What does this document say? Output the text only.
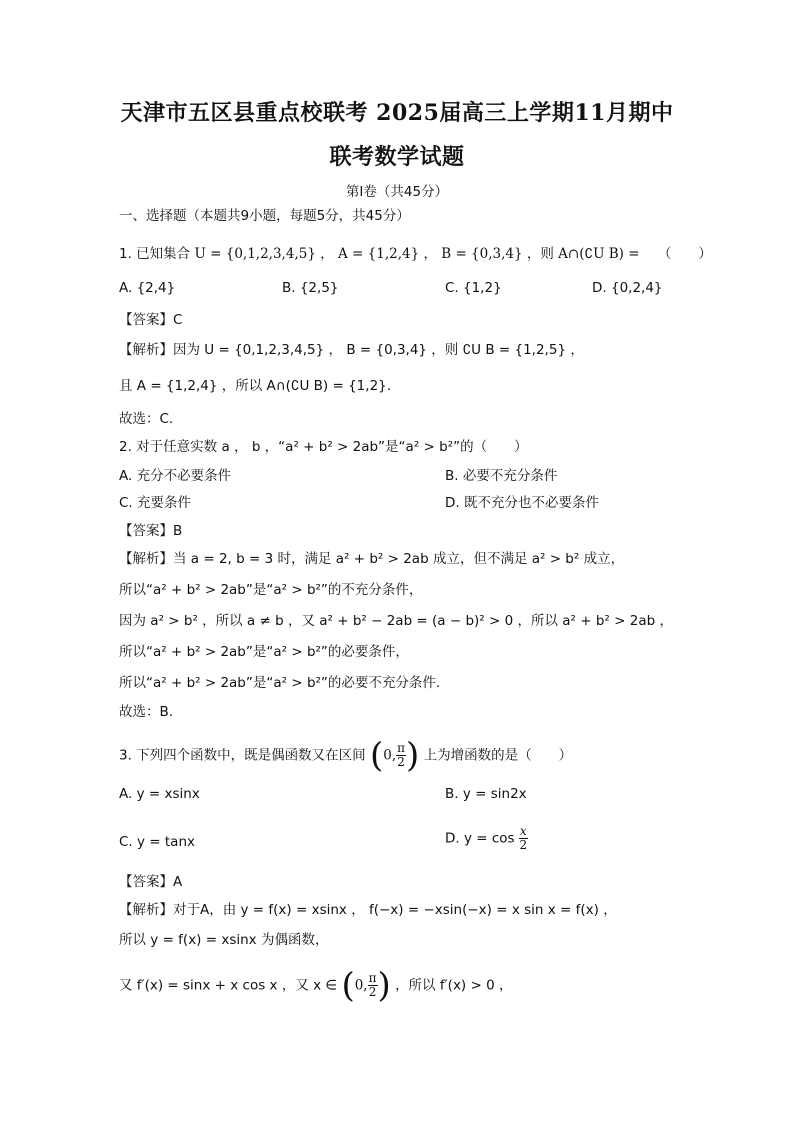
天津市五区县重点校联考 2025届高三上学期11月期中
联考数学试题
第Ⅰ卷（共45分）
一、选择题（本题共9小题，每题5分，共45分）
1. 已知集合 U = {0,1,2,3,4,5} ， A = {1,2,4} ， B = {0,3,4} ，则 A∩(∁U B) = （　　）
A. {2,4}	B. {2,5}	C. {1,2}	D. {0,2,4}
【答案】C
【解析】因为 U = {0,1,2,3,4,5} ， B = {0,3,4} ，则 ∁U B = {1,2,5} ，
且 A = {1,2,4} ，所以 A∩(∁U B) = {1,2}.
故选：C.
2. 对于任意实数 a ， b ，“a² + b² > 2ab”是“a² > b²”的（　　）
A. 充分不必要条件	B. 必要不充分条件
C. 充要条件	D. 既不充分也不必要条件
【答案】B
【解析】当 a = 2, b = 3 时，满足 a² + b² > 2ab 成立，但不满足 a² > b² 成立，
所以“a² + b² > 2ab”是“a² > b²”的不充分条件，
因为 a² > b² ，所以 a ≠ b ，又 a² + b² − 2ab = (a − b)² > 0 ，所以 a² + b² > 2ab ，
所以“a² + b² > 2ab”是“a² > b²”的必要条件，
所以“a² + b² > 2ab”是“a² > b²”的必要不充分条件.
故选：B.
3. 下列四个函数中，既是偶函数又在区间 (0, $\frac{\pi}{2}$ ) 上为增函数的是（　　）
A. y = xsinx	B. y = sin2x
C. y = tanx	D. $y = \cos \frac{x}{2}$
【答案】A
【解析】对于A，由 y = f(x) = xsinx ， f(−x) = −xsin(−x) = x sin x = f(x) ，
所以 y = f(x) = xsinx 为偶函数，
又 f′(x) = sinx + x cos x ，又 x ∈ (0, $\frac{\pi}{2}$ ) ，所以 f′(x) > 0 ，
